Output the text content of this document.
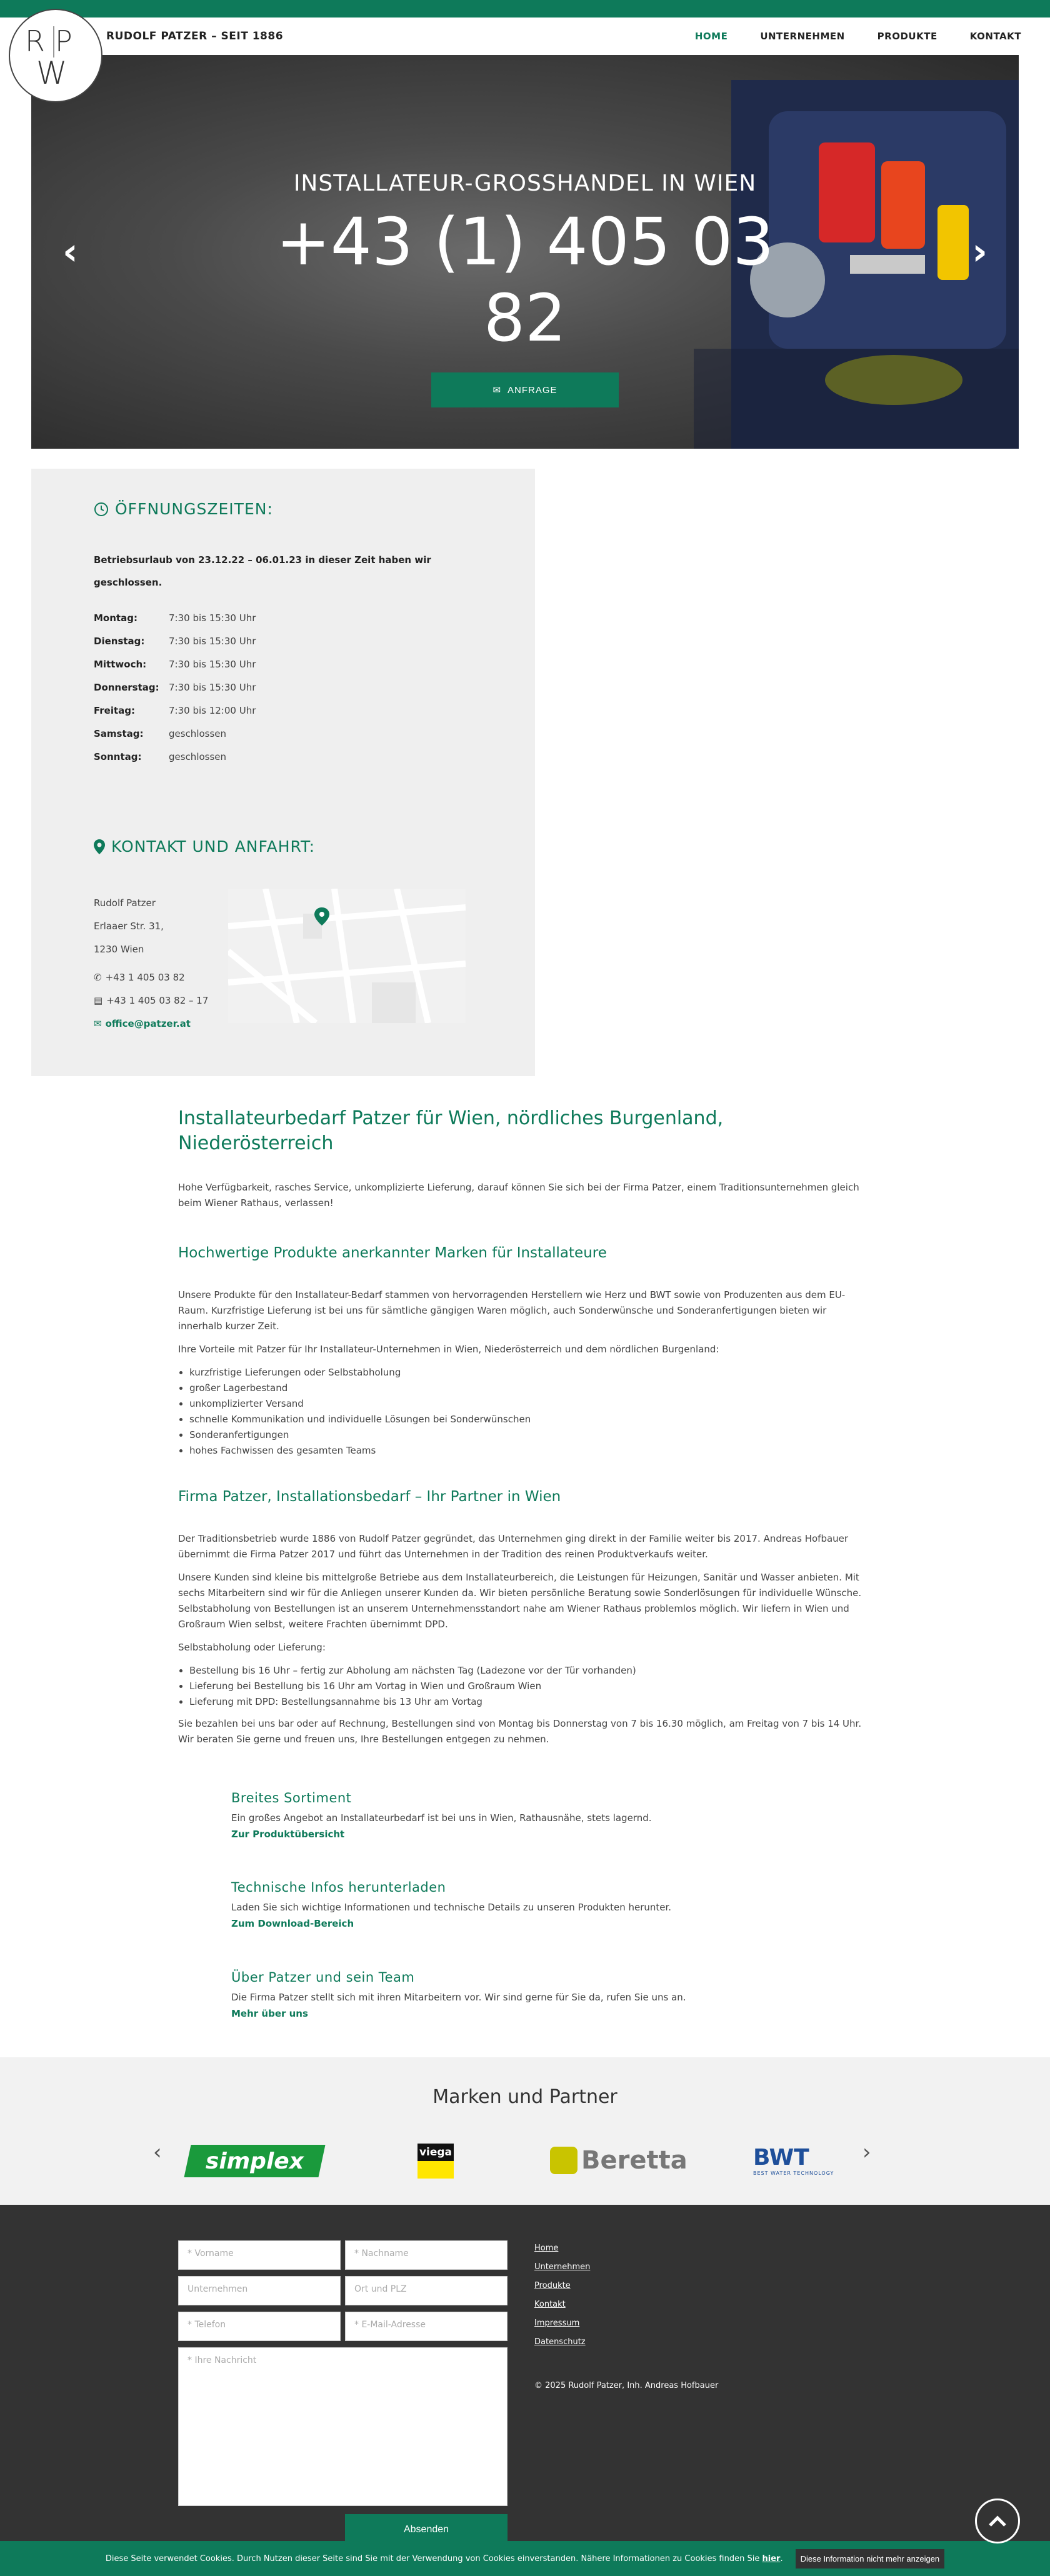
RUDOLF PATZER – SEIT 1886	HOME	UNTERNEHMEN	PRODUKTE	KONTAKT
R P
W
‹	›
INSTALLATEUR-GROSSHANDEL IN WIEN
+43 (1) 405 03 82
✉ ANFRAGE
ÖFFNUNGSZEITEN:
Betriebsurlaub von 23.12.22 – 06.01.23 in dieser Zeit haben wir geschlossen.
Montag:	7:30 bis 15:30 Uhr
Dienstag:	7:30 bis 15:30 Uhr
Mittwoch:	7:30 bis 15:30 Uhr
Donnerstag:	7:30 bis 15:30 Uhr
Freitag:	7:30 bis 12:00 Uhr
Samstag:	geschlossen
Sonntag:	geschlossen
KONTAKT UND ANFAHRT:
Rudolf Patzer
Erlaaer Str. 31,
1230 Wien
✆ +43 1 405 03 82
▤ +43 1 405 03 82 – 17
✉ office@patzer.at
Installateurbedarf Patzer für Wien, nördliches Burgenland, Niederösterreich

Hohe Verfügbarkeit, rasches Service, unkomplizierte Lieferung, darauf können Sie sich bei der Firma Patzer, einem Traditionsunternehmen gleich beim Wiener Rathaus, verlassen!

Hochwertige Produkte anerkannter Marken für Installateure

Unsere Produkte für den Installateur-Bedarf stammen von hervorragenden Herstellern wie Herz und BWT sowie von Produzenten aus dem EU-Raum. Kurzfristige Lieferung ist bei uns für sämtliche gängigen Waren möglich, auch Sonderwünsche und Sonderanfertigungen bieten wir innerhalb kurzer Zeit.

Ihre Vorteile mit Patzer für Ihr Installateur-Unternehmen in Wien, Niederösterreich und dem nördlichen Burgenland:

• kurzfristige Lieferungen oder Selbstabholung
• großer Lagerbestand
• unkomplizierter Versand
• schnelle Kommunikation und individuelle Lösungen bei Sonderwünschen
• Sonderanfertigungen
• hohes Fachwissen des gesamten Teams
Firma Patzer, Installationsbedarf – Ihr Partner in Wien

Der Traditionsbetrieb wurde 1886 von Rudolf Patzer gegründet, das Unternehmen ging direkt in der Familie weiter bis 2017. Andreas Hofbauer übernimmt die Firma Patzer 2017 und führt das Unternehmen in der Tradition des reinen Produktverkaufs weiter.

Unsere Kunden sind kleine bis mittelgroße Betriebe aus dem Installateurbereich, die Leistungen für Heizungen, Sanitär und Wasser anbieten. Mit sechs Mitarbeitern sind wir für die Anliegen unserer Kunden da. Wir bieten persönliche Beratung sowie Sonderlösungen für individuelle Wünsche. Selbstabholung von Bestellungen ist an unserem Unternehmensstandort nahe am Wiener Rathaus problemlos möglich. Wir liefern in Wien und Großraum Wien selbst, weitere Frachten übernimmt DPD.

Selbstabholung oder Lieferung:

• Bestellung bis 16 Uhr – fertig zur Abholung am nächsten Tag (Ladezone vor der Tür vorhanden)
• Lieferung bei Bestellung bis 16 Uhr am Vortag in Wien und Großraum Wien
• Lieferung mit DPD: Bestellungsannahme bis 13 Uhr am Vortag

Sie bezahlen bei uns bar oder auf Rechnung, Bestellungen sind von Montag bis Donnerstag von 7 bis 16.30 möglich, am Freitag von 7 bis 14 Uhr. Wir beraten Sie gerne und freuen uns, Ihre Bestellungen entgegen zu nehmen.

Breites Sortiment

Ein großes Angebot an Installateurbedarf ist bei uns in Wien, Rathausnähe, stets lagernd.

Zur Produktübersicht
Technische Infos herunterladen

Laden Sie sich wichtige Informationen und technische Details zu unseren Produkten herunter.

Zum Download-Bereich
Über Patzer und sein Team

Die Firma Patzer stellt sich mit ihren Mitarbeitern vor. Wir sind gerne für Sie da, rufen Sie uns an.

Mehr über uns
Marken und Partner
‹	›
simplex	viega	Beretta	BWT
BEST WATER TECHNOLOGY
* Vorname	* Nachname
Unternehmen	Ort und PLZ
* Telefon	* E-Mail-Adresse
* Ihre Nachricht
Absenden
Home
Unternehmen
Produkte
Kontakt
Impressum
Datenschutz
© 2025 Rudolf Patzer, Inh. Andreas Hofbauer
Diese Seite verwendet Cookies. Durch Nutzen dieser Seite sind Sie mit der Verwendung von Cookies einverstanden. Nähere Informationen zu Cookies finden Sie hier.	Diese Information nicht mehr anzeigen
